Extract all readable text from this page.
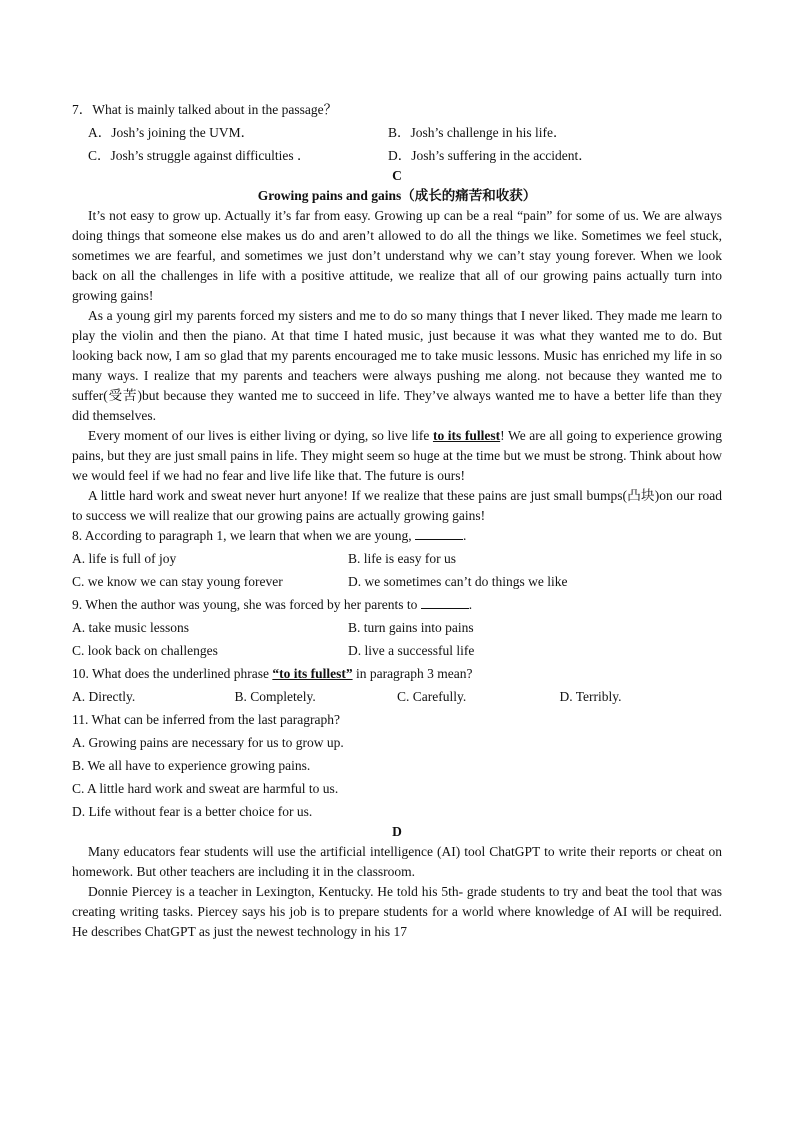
7．What is mainly talked about in the passage？

A．Josh’s joining the UVM．	B．Josh’s challenge in his life．
C．Josh’s struggle against difficulties ．	D．Josh’s suffering in the accident．

C

Growing pains and gains（成长的痛苦和收获）

It’s not easy to grow up. Actually it’s far from easy. Growing up can be a real “pain” for some of us. We are always doing things that someone else makes us do and aren’t allowed to do all the things we like. Sometimes we feel stuck, sometimes we are fearful, and sometimes we just don’t understand why we can’t stay young forever. When we look back on all the challenges in life with a positive attitude, we realize that all of our growing pains actually turn into growing gains!

As a young girl my parents forced my sisters and me to do so many things that I never liked. They made me learn to play the violin and then the piano. At that time I hated music, just because it was what they wanted me to do. But looking back now, I am so glad that my parents encouraged me to take music lessons. Music has enriched my life in so many ways. I realize that my parents and teachers were always pushing me along. not because they wanted me to suffer(受苦)but because they wanted me to succeed in life. They’ve always wanted me to have a better life than they did themselves.

Every moment of our lives is either living or dying, so live life to its fullest! We are all going to experience growing pains, but they are just small pains in life. They might seem so huge at the time but we must be strong. Think about how we would feel if we had no fear and live life like that. The future is ours!

A little hard work and sweat never hurt anyone! If we realize that these pains are just small bumps(凸块)on our road to success we will realize that our growing pains are actually growing gains!

8. According to paragraph 1, we learn that when we are young,	.

A. life is full of joy	B. life is easy for us
C. we know we can stay young forever	D. we sometimes can’t do things we like

9. When the author was young, she was forced by her parents to	.

A. take music lessons	B. turn gains into pains
C. look back on challenges	D. live a successful life

10. What does the underlined phrase “to its fullest” in paragraph 3 mean?

A. Directly.	B. Completely.	C. Carefully.	D. Terribly.

11. What can be inferred from the last paragraph?

A. Growing pains are necessary for us to grow up.

B. We all have to experience growing pains.

C. A little hard work and sweat are harmful to us.

D. Life without fear is a better choice for us.

D

Many educators fear students will use the artificial intelligence (AI) tool ChatGPT to write their reports or cheat on homework. But other teachers are including it in the classroom.

Donnie Piercey is a teacher in Lexington, Kentucky. He told his 5th- grade students to try and beat the tool that was creating writing tasks. Piercey says his job is to prepare students for a world where knowledge of AI will be required. He describes ChatGPT as just the newest technology in his 17
